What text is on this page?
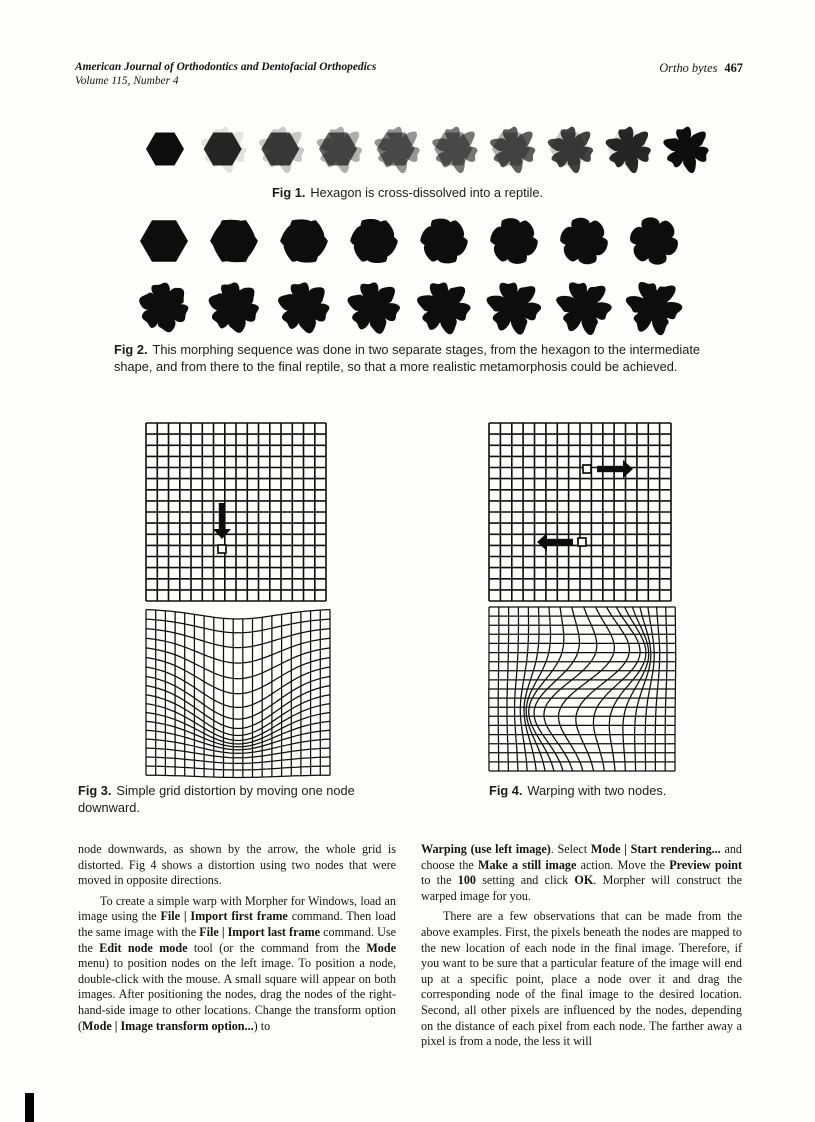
American Journal of Orthodontics and Dentofacial Orthopedics
Volume 115, Number 4
Ortho bytes 467
Fig 1. Hexagon is cross-dissolved into a reptile.
Fig 2. This morphing sequence was done in two separate stages, from the hexagon to the intermediate shape, and from there to the final reptile, so that a more realistic metamorphosis could be achieved.
Fig 3. Simple grid distortion by moving one node downward.
Fig 4. Warping with two nodes.

node downwards, as shown by the arrow, the whole grid is distorted. Fig 4 shows a distortion using two nodes that were moved in opposite directions.

To create a simple warp with Morpher for Windows, load an image using the File | Import first frame command. Then load the same image with the File | Import last frame command. Use the Edit node mode tool (or the command from the Mode menu) to position nodes on the left image. To position a node, double-click with the mouse. A small square will appear on both images. After positioning the nodes, drag the nodes of the right-hand-side image to other locations. Change the transform option (Mode | Image transform option...) to

Warping (use left image). Select Mode | Start rendering... and choose the Make a still image action. Move the Preview point to the 100 setting and click OK. Morpher will construct the warped image for you.

There are a few observations that can be made from the above examples. First, the pixels beneath the nodes are mapped to the new location of each node in the final image. Therefore, if you want to be sure that a particular feature of the image will end up at a specific point, place a node over it and drag the corresponding node of the final image to the desired location. Second, all other pixels are influenced by the nodes, depending on the distance of each pixel from each node. The farther away a pixel is from a node, the less it will
